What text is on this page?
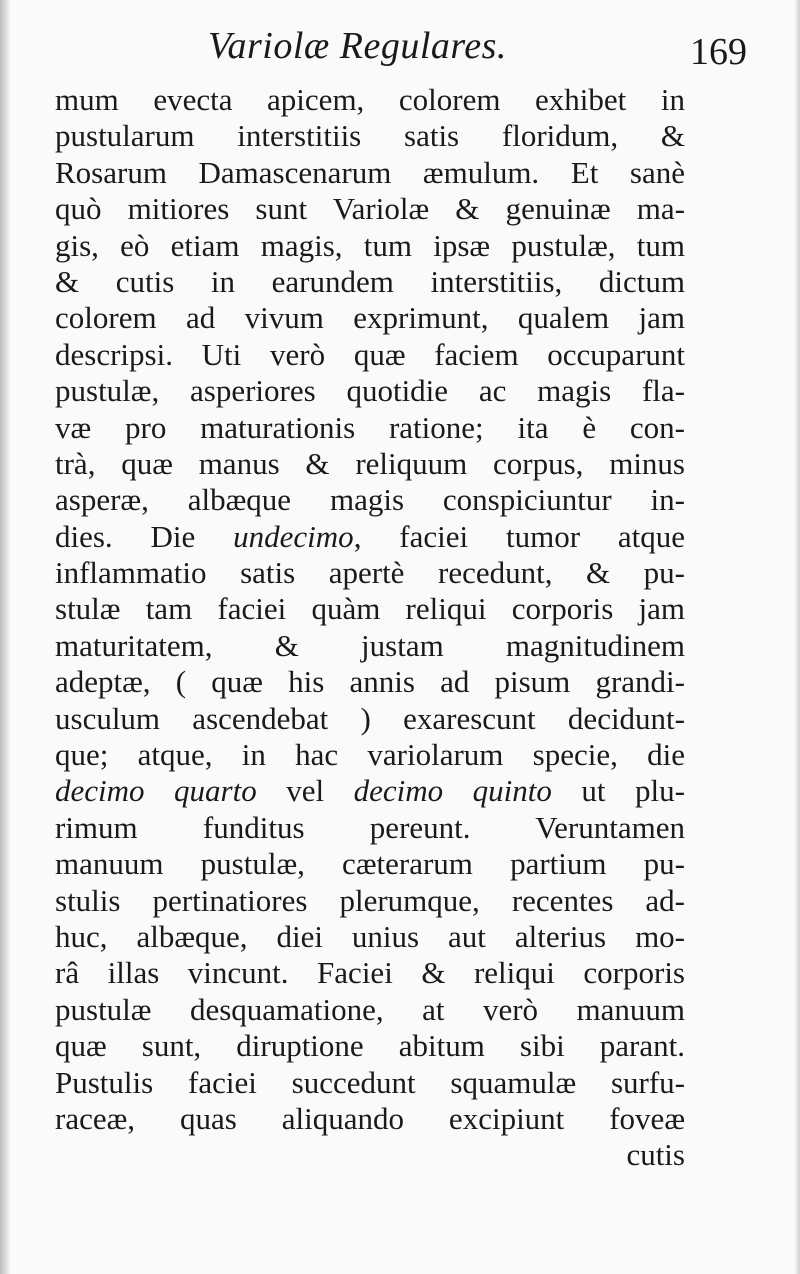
Variolæ Regulares.	169
mum evecta apicem, colorem exhibet in
pustularum interstitiis satis floridum, &
Rosarum Damascenarum æmulum. Et sanè
quò mitiores sunt Variolæ & genuinæ ma-
gis, eò etiam magis, tum ipsæ pustulæ, tum
& cutis in earundem interstitiis, dictum
colorem ad vivum exprimunt, qualem jam
descripsi. Uti verò quæ faciem occuparunt
pustulæ, asperiores quotidie ac magis fla-
væ pro maturationis ratione; ita è con-
trà, quæ manus & reliquum corpus, minus
asperæ, albæque magis conspiciuntur in-
dies. Die undecimo, faciei tumor atque
inflammatio satis apertè recedunt, & pu-
stulæ tam faciei quàm reliqui corporis jam
maturitatem, & justam magnitudinem
adeptæ, ( quæ his annis ad pisum grandi-
usculum ascendebat ) exarescunt decidunt-
que; atque, in hac variolarum specie, die
decimo quarto vel decimo quinto ut plu-
rimum funditus pereunt. Veruntamen
manuum pustulæ, cæterarum partium pu-
stulis pertinatiores plerumque, recentes ad-
huc, albæque, diei unius aut alterius mo-
râ illas vincunt. Faciei & reliqui corporis
pustulæ desquamatione, at verò manuum
quæ sunt, diruptione abitum sibi parant.
Pustulis faciei succedunt squamulæ surfu-
raceæ, quas aliquando excipiunt foveæ
cutis
